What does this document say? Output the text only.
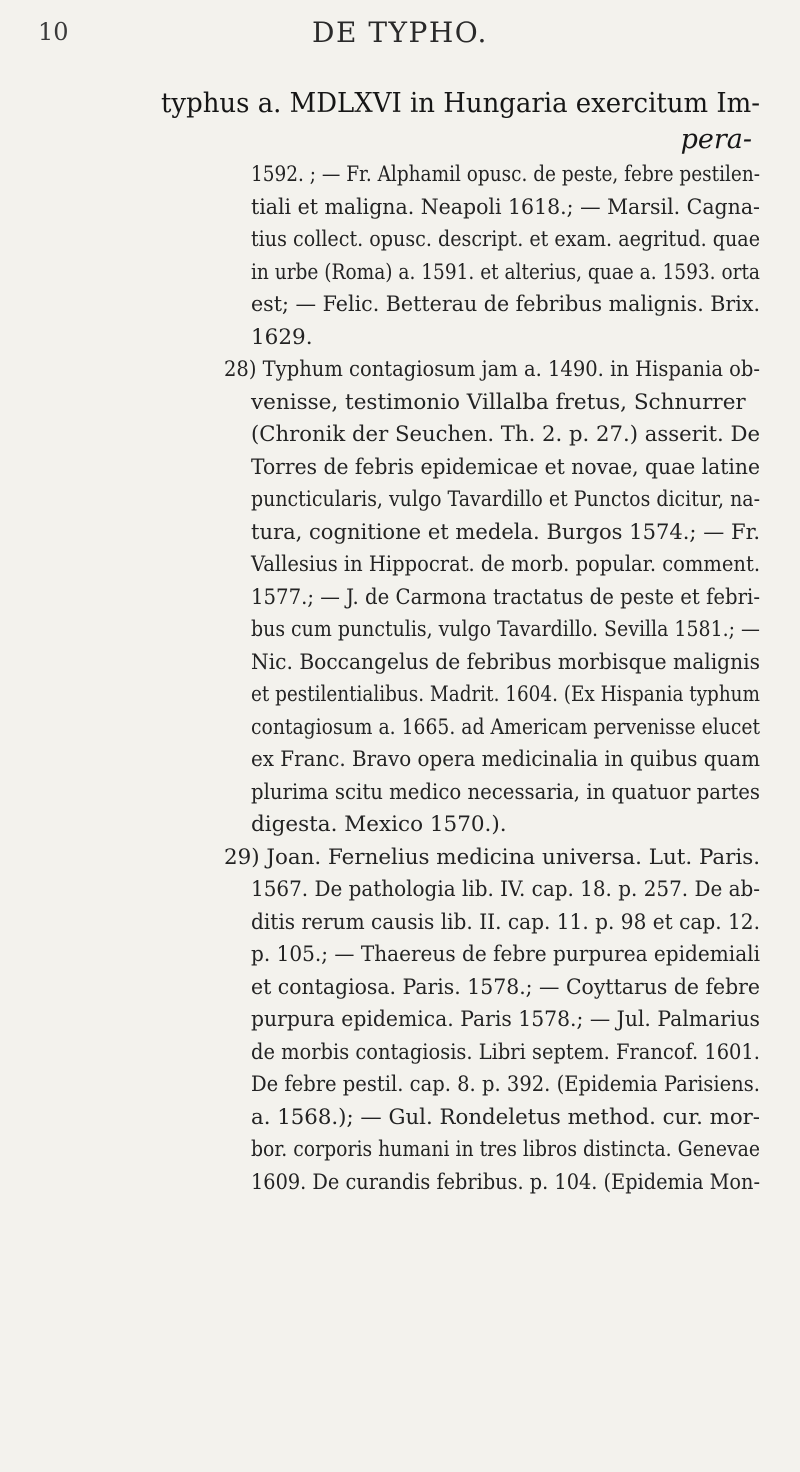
10	DE TYPHO.
typhus a. MDLXVI in Hungaria exercitum Im-
pera-
1592. ; — Fr. Alphamil opusc. de peste, febre pestilen-
tiali et maligna. Neapoli 1618.; — Marsil. Cagna-
tius collect. opusc. descript. et exam. aegritud. quae
in urbe (Roma) a. 1591. et alterius, quae a. 1593. orta
est; — Felic. Betterau de febribus malignis. Brix.
1629.
28) Typhum contagiosum jam a. 1490. in Hispania ob-
venisse, testimonio Villalba fretus, Schnurrer
(Chronik der Seuchen. Th. 2. p. 27.) asserit. De
Torres de febris epidemicae et novae, quae latine
puncticularis, vulgo Tavardillo et Punctos dicitur, na-
tura, cognitione et medela. Burgos 1574.; — Fr.
Vallesius in Hippocrat. de morb. popular. comment.
1577.; — J. de Carmona tractatus de peste et febri-
bus cum punctulis, vulgo Tavardillo. Sevilla 1581.; —
Nic. Boccangelus de febribus morbisque malignis
et pestilentialibus. Madrit. 1604. (Ex Hispania typhum
contagiosum a. 1665. ad Americam pervenisse elucet
ex Franc. Bravo opera medicinalia in quibus quam
plurima scitu medico necessaria, in quatuor partes
digesta. Mexico 1570.).
29) Joan. Fernelius medicina universa. Lut. Paris.
1567. De pathologia lib. IV. cap. 18. p. 257. De ab-
ditis rerum causis lib. II. cap. 11. p. 98 et cap. 12.
p. 105.; — Thaereus de febre purpurea epidemiali
et contagiosa. Paris. 1578.; — Coyttarus de febre
purpura epidemica. Paris 1578.; — Jul. Palmarius
de morbis contagiosis. Libri septem. Francof. 1601.
De febre pestil. cap. 8. p. 392. (Epidemia Parisiens.
a. 1568.); — Gul. Rondeletus method. cur. mor-
bor. corporis humani in tres libros distincta. Genevae
1609. De curandis febribus. p. 104. (Epidemia Mon-
